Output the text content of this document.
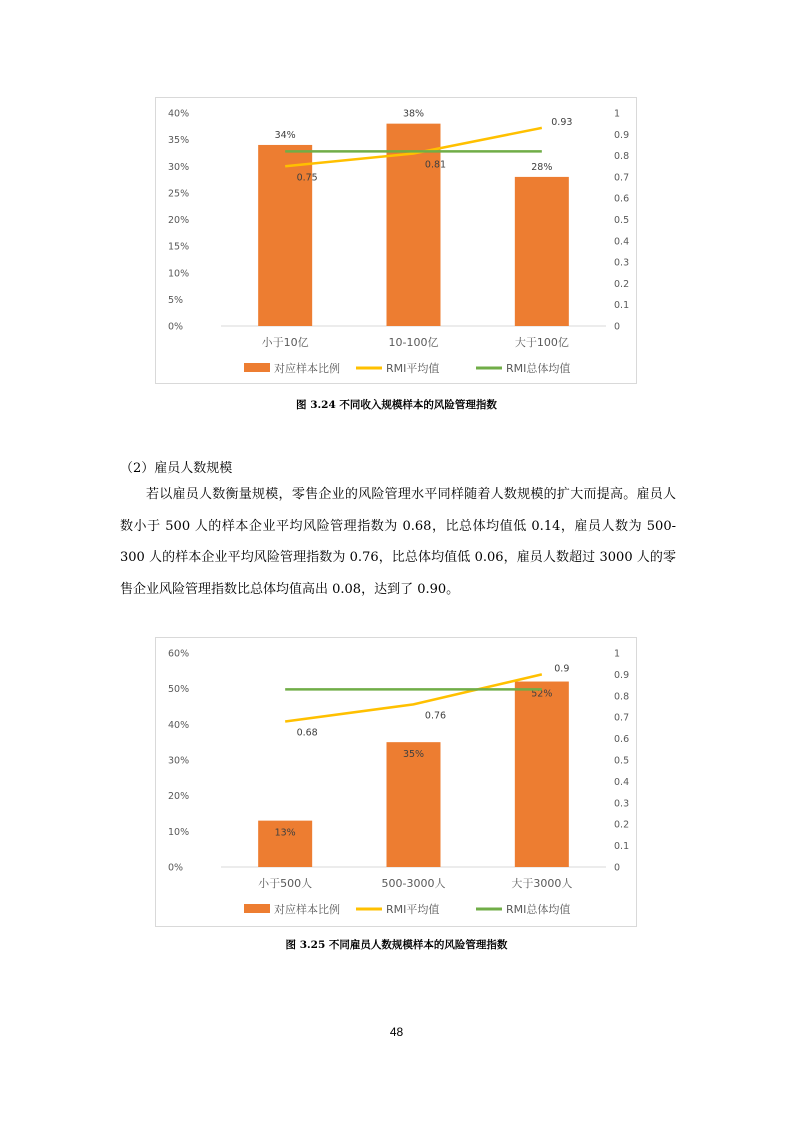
0%
5%
10%
15%
20%
25%
30%
35%
40%
0
0.1
0.2
0.3
0.4
0.5
0.6
0.7
0.8
0.9
1
小于10亿	10-100亿	大于100亿
34%
38%
28%
0.75
0.81
0.93
对应样本比例	RMI平均值	RMI总体均值
图 3.24 不同收入规模样本的风险管理指数
（2）雇员人数规模

若以雇员人数衡量规模，零售企业的风险管理水平同样随着人数规模的扩大而提高。雇员人数小于 500 人的样本企业平均风险管理指数为 0.68，比总体均值低 0.14，雇员人数为 500-300 人的样本企业平均风险管理指数为 0.76，比总体均值低 0.06，雇员人数超过 3000 人的零售企业风险管理指数比总体均值高出 0.08，达到了 0.90。

0%
10%
20%
30%
40%
50%
60%
0
0.1
0.2
0.3
0.4
0.5
0.6
0.7
0.8
0.9
1
小于500人	500-3000人	大于3000人
13%
35%
52%
0.68
0.76
0.9
对应样本比例	RMI平均值	RMI总体均值
图 3.25 不同雇员人数规模样本的风险管理指数
48
